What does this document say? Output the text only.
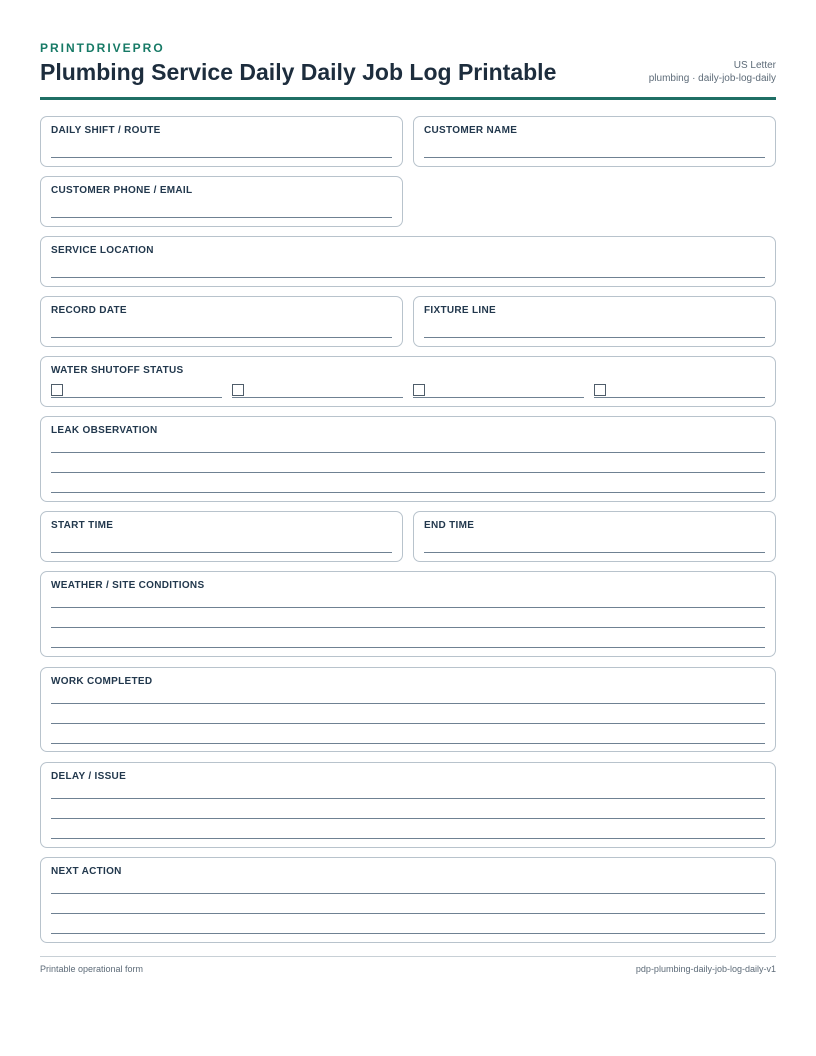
PRINTDRIVEPRO
Plumbing Service Daily Daily Job Log Printable	US Letter
plumbing · daily-job-log-daily
DAILY SHIFT / ROUTE	CUSTOMER NAME
CUSTOMER PHONE / EMAIL
SERVICE LOCATION
RECORD DATE	FIXTURE LINE
WATER SHUTOFF STATUS
LEAK OBSERVATION
START TIME	END TIME
WEATHER / SITE CONDITIONS
WORK COMPLETED
DELAY / ISSUE
NEXT ACTION
Printable operational form	pdp-plumbing-daily-job-log-daily-v1
